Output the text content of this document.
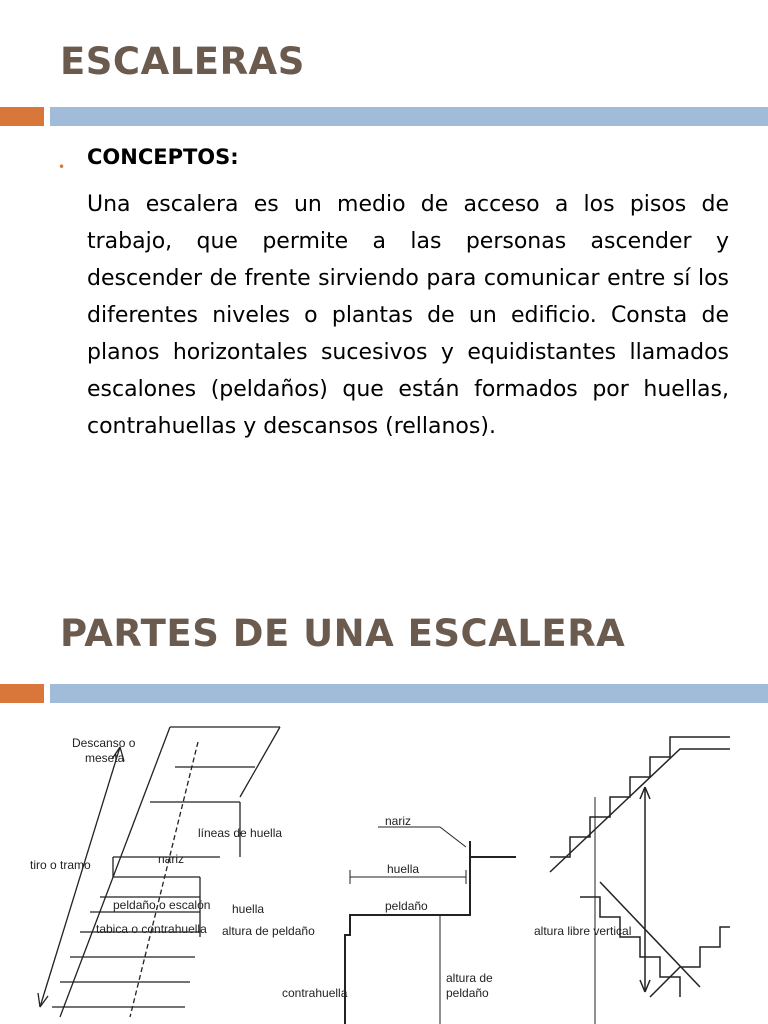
ESCALERAS
• CONCEPTOS:
Una escalera es un medio de acceso a los pisos de trabajo, que permite a las personas ascender y descender de frente sirviendo para comunicar entre sí los diferentes niveles o plantas de un edificio. Consta de planos horizontales sucesivos y equidistantes llamados escalones (peldaños) que están formados por huellas, contrahuellas y descansos (rellanos).
PARTES DE UNA ESCALERA
Descanso o
meseta
líneas de huella
tiro o tramo	nariz
peldaño o escalón huella
tabica o contrahuella altura de peldaño
nariz
huella
peldaño
contrahuella
altura de
peldaño
altura libre vertical
